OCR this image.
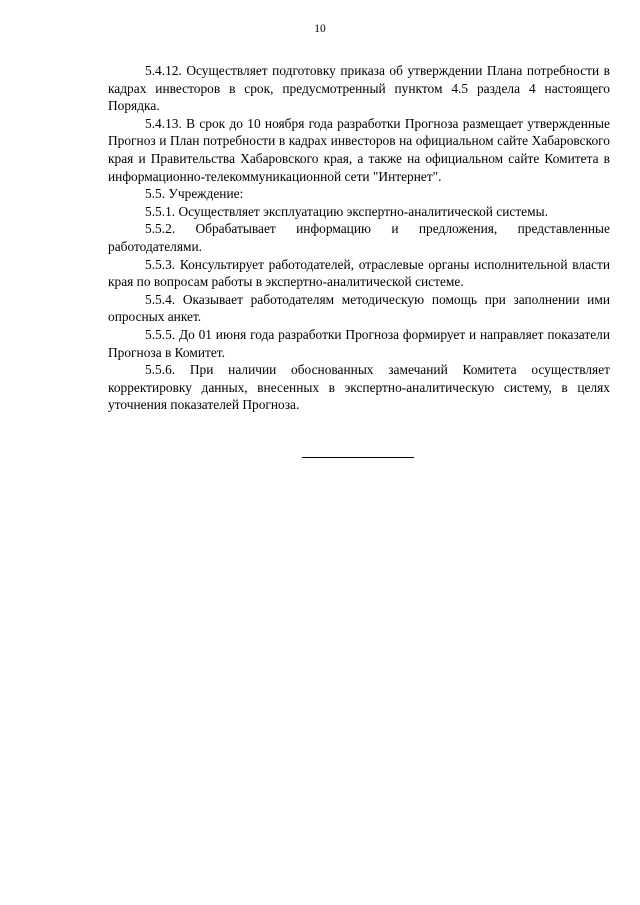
10

5.4.12. Осуществляет подготовку приказа об утверждении Плана потребности в кадрах инвесторов в срок, предусмотренный пунктом 4.5 раздела 4 настоящего Порядка.

5.4.13. В срок до 10 ноября года разработки Прогноза размещает утвержденные Прогноз и План потребности в кадрах инвесторов на официальном сайте Хабаровского края и Правительства Хабаровского края, а также на официальном сайте Комитета в информационно-телекоммуникационной сети "Интернет".

5.5. Учреждение:

5.5.1. Осуществляет эксплуатацию экспертно-аналитической системы.

5.5.2. Обрабатывает информацию и предложения, представленные работодателями.

5.5.3. Консультирует работодателей, отраслевые органы исполнительной власти края по вопросам работы в экспертно-аналитической системе.

5.5.4. Оказывает работодателям методическую помощь при заполнении ими опросных анкет.

5.5.5. До 01 июня года разработки Прогноза формирует и направляет показатели Прогноза в Комитет.

5.5.6. При наличии обоснованных замечаний Комитета осуществляет корректировку данных, внесенных в экспертно-аналитическую систему, в целях уточнения показателей Прогноза.
